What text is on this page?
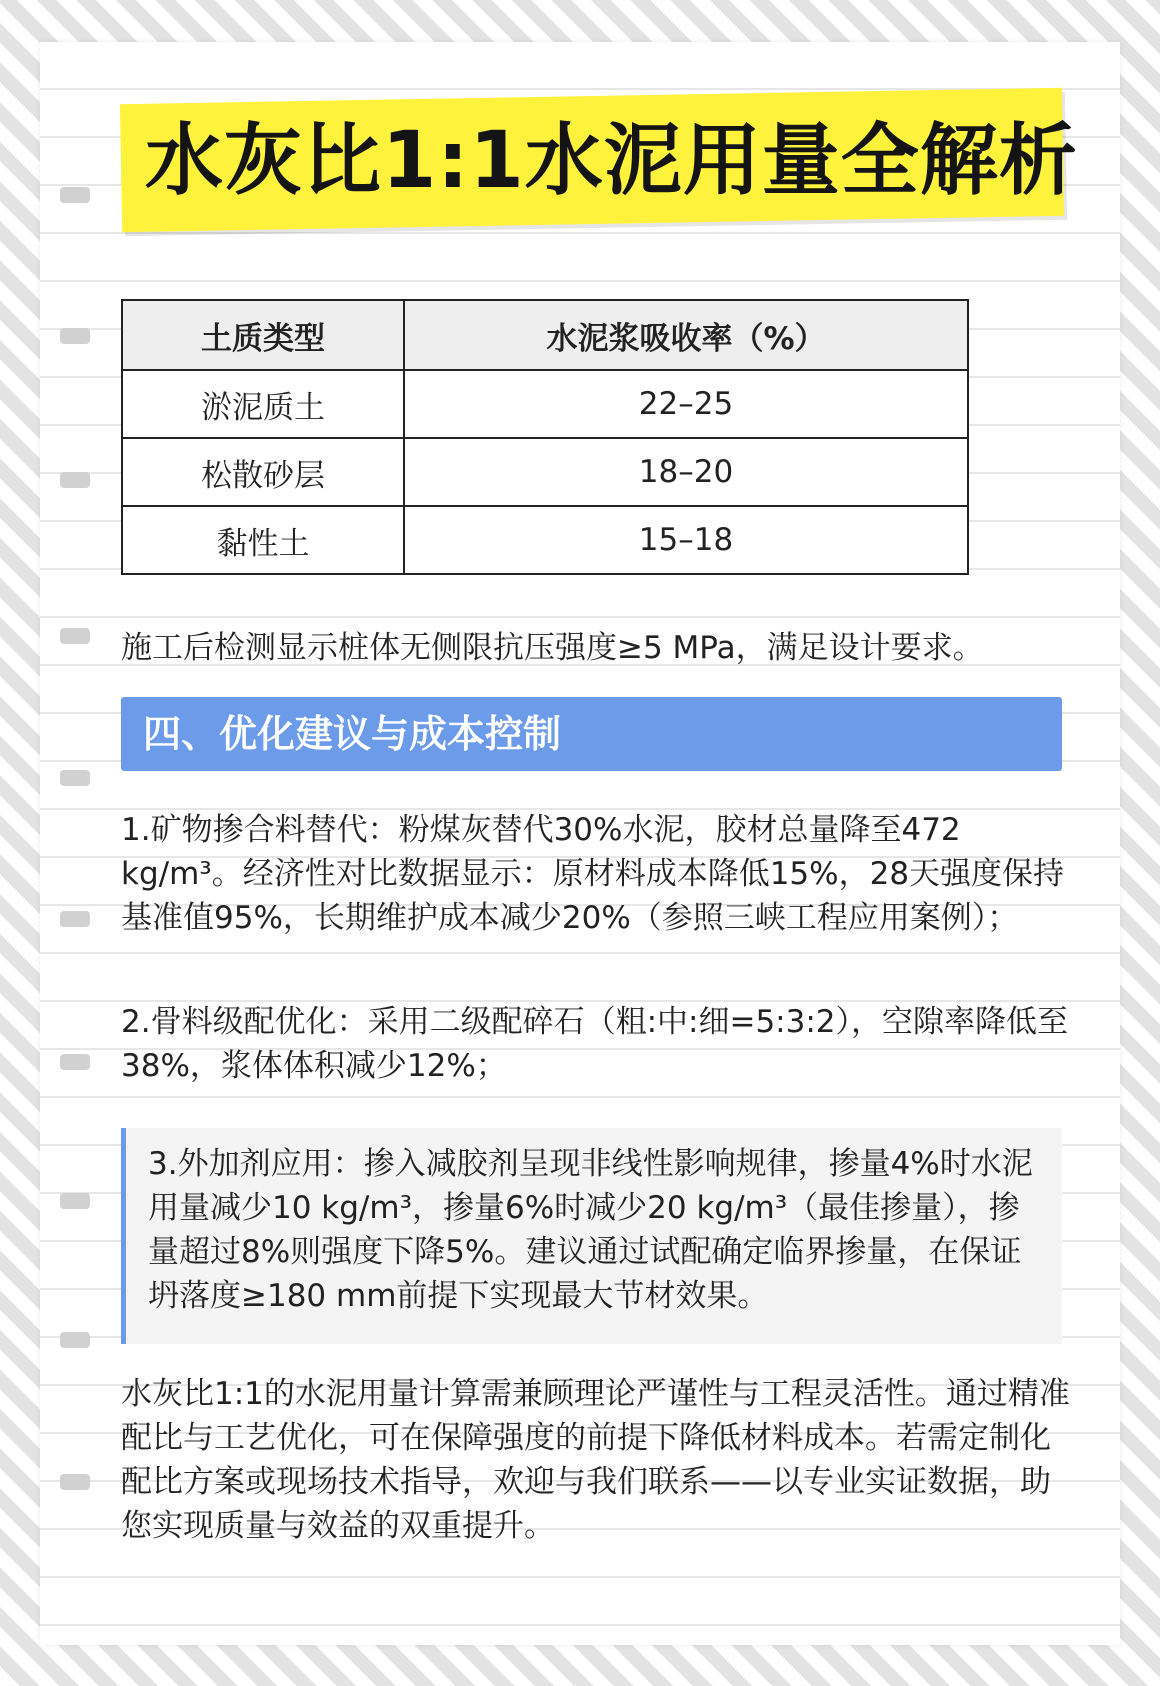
水灰比1:1水泥用量全解析
土质类型	水泥浆吸收率（%）
淤泥质土	22–25
松散砂层	18–20
黏性土	15–18
施工后检测显示桩体无侧限抗压强度≥5 MPa，满足设计要求。
四、优化建议与成本控制
1.矿物掺合料替代：粉煤灰替代30%水泥，胶材总量降至472 kg/m³。经济性对比数据显示：原材料成本降低15%，28天强度保持基准值95%，长期维护成本减少20%（参照三峡工程应用案例）；
2.骨料级配优化：采用二级配碎石（粗:中:细=5:3:2），空隙率降低至38%，浆体体积减少12%；
3.外加剂应用：掺入减胶剂呈现非线性影响规律，掺量4%时水泥用量减少10 kg/m³，掺量6%时减少20 kg/m³（最佳掺量），掺量超过8%则强度下降5%。建议通过试配确定临界掺量，在保证坍落度≥180 mm前提下实现最大节材效果。
水灰比1:1的水泥用量计算需兼顾理论严谨性与工程灵活性。通过精准配比与工艺优化，可在保障强度的前提下降低材料成本。若需定制化配比方案或现场技术指导，欢迎与我们联系——以专业实证数据，助您实现质量与效益的双重提升。
